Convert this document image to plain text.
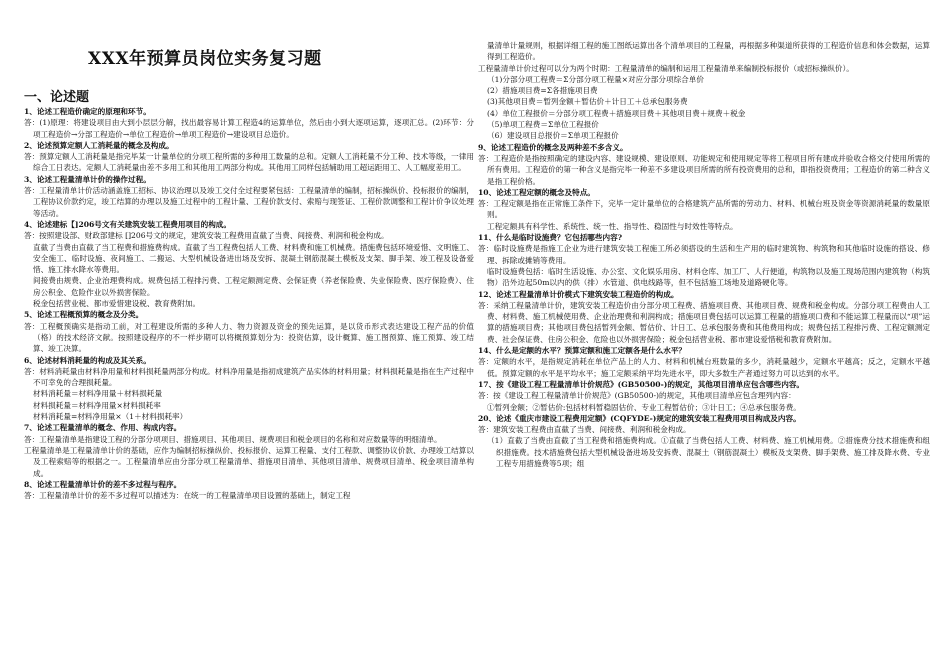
XXX年预算员岗位实务复习题
一、论述题

1、论述工程造价确定的原理和环节。

答：(1)原理：将建设项目由大到小层层分解，找出最容易计算工程造4的运算单位，然后由小到大逐项运算，逐项汇总。(2)环节：分项工程造价→分部工程造价→单位工程造价→单项工程造价→建设项目总造价。

2、论述预算定额人工消耗量的概念及构成。

答：预算定额人工消耗量是指完毕某一计量单位的分项工程所需的多种用工数量的总和。定额人工消耗量不分工种、技术等级，一律用综合工日表达。定额人工消耗量由差不多用工和其他用工两部分构成。其他用工同样包括辅助用工超运距用工、人工幅度差用工。

3、论述工程量清单计价的操作过程。

答：工程量清单计价活动涵盖施工招标、协议治理以及竣工交付全过程要紧包括：工程量清单的编制，招标操纵价、投标报价的编制，工程协议价款约定，竣工结算的办理以及施工过程中的工程计量、工程价款支付、索赔与现签证、工程价款调整和工程计价争议处理等活动。

4、论述建标【]206号文有关建筑安装工程费用项目的构成。

答：按照建设部、财政部建标 []206号文的规定，建筑安装工程费用直截了当费、间接费、利润和税金构成。

直截了当费由直截了当工程费和措施费构成。直截了当工程费包括人工费、材料费和施工机械费。措施费包括环境爱惜、文明施工、安全施工、临时设施、夜间施工、二搬运、大型机械设备进出场及安拆、混凝土钢筋混凝土模板及支架、脚手架、竣工程及设备爱惜、施工排水降水等费用。

间接费由规费、企业治理费构成。规费包括工程排污费、工程定额测定费、会保证费（养老保险费、失业保险费、医疗保险费）、住房公积金、危险作业以外损害保险。

税金包括营业税、都市爱惜建设税、教育费附加。

5、论述工程概预算的概念及分类。

答：工程概预确实是指动工前，对工程建设所需的多种人力、物力资源及资金的预先运算，是以货币形式表达建设工程产品的价值（格）的技术经济文献。按照建设程序的不一样步期可以将概预算划分为：投资估算，设计概算、施工图预算、施工预算、竣工结算、竣工决算。

6、论述材料消耗量的构成及其关系。

答：材料消耗量由材料净用量和材料损耗量两部分构成。材料净用量是指初成建筑产品实体的材料用量；材料损耗量是指在生产过程中不可幸免的合理损耗量。

材料消耗量＝材料净用量＋材料损耗量

材料损耗量＝材料净用量×材料损耗率

材料消耗量=材料净用量×（1＋材料损耗率）

7、论述工程量清单的概念、作用、构成内容。

答：工程量清单是指建设工程的分部分项项目、措施项目、其他项目、规费项目和税金项目的名称和对应数量等的明细清单。

工程量清单是工程量清单计价的基础，应作为编制招标操纵价、投标报价、运算工程量、支付工程款、调整协议价款、办理竣工结算以及工程索赔等的根据之一。工程量清单应由分部分项工程量清单、措施项目清单、其他项目清单、规费项目清单、税金项目清单构成。

8、论述工程量清单计价的差不多过程与程序。

答：工程量清单计价的差不多过程可以描述为：在统一的工程量清单项目设置的基础上，制定工程

量清单计量规则，根据详细工程的施工图纸运算出各个清单项目的工程量，再根据多种渠道所获得的工程造价信息和体会数据，运算得到工程造价。

工程量清单计价过程可以分为两个时期：工程量清单的编制和运用工程量清单来编制投标报价（或招标操纵价）。

（1)分部分项工程费＝Σ分部分项工程量×对应分部分项综合单价

(2）措施项目费=Σ各措施项目费

(3)其他项目费＝暂列金额＋暂估价＋计日工＋总承包服务费

(4）单位工程报价＝分部分项工程费＋措施项目费＋其他项目费＋规费＋税金

（5)单项工程费＝Σ单位工程报价

（6）建设项目总报价＝Σ单项工程报价

9、论述工程造价的概念及两种差不多含义。

答：工程造价是指按照确定的建设内容、建设规模、建设原则、功能规定和使用规定等将工程项目所有建成并验收合格交付使用所需的所有费用。工程造价的第一种含义是指完毕一种差不多建设项目所需的所有投资费用的总和，即指投资费用；工程造价的第二种含义是指工程价格。

10、论述工程定额的概念及特点。

答：工程定额是指在正常施工条件下，完毕一定计量单位的合格建筑产品所需的劳动力、材料、机械台班及资金等资源消耗量的数量原则。

工程定额具有科学性、系统性、统一性、指导性、稳固性与时效性等特点。

11、什么是临时设施费？它包括哪些内容?

答：临时设施费是指施工企业为进行建筑安装工程施工所必须搭设的生活和生产用的临时建筑物、构筑物和其他临时设施的搭设、修理、拆除或摊销等费用。

临时设施费包括：临时生活设施、办公室、文化娱乐用房、材料仓库、加工厂、人行便道，构筑物以及施工现场范围内建筑物（构筑物）沿外边起50m以内的供（排）水管道、供电线路等，但不包括施工场地及道路硬化等。

12、论述工程量清单计价模式下建筑安装工程造价的构成。

答：采纳工程量清单计价，建筑安装工程造价由分部分项工程费、措施项目费、其他项目费、规费和税金构成。分部分项工程费由人工费、材料费、施工机械使用费、企业治理费和利润构成；措施项目费包括可以运算工程量的措施项口费和不能运算工程量而以“项”运算的措施项目费；其他项目费包括暂列金额、暂估价、计日工、总承包服务费和其他费用构成；规费包括工程排污费、工程定额测定费、社会保证费、住房公积金、危险也以外损害保险；税金包括营业税、都市建设爱惜税和教育费附加。

14、什么是定额的水平？预算定额和施工定额各是什么水平？

答：定额的水平，是指规定消耗在单位产品上的人力、材料和机械台班数量的多少，消耗量越少，定额水平越高；反之，定额水平越低。预算定额的水平是平均水平；施工定额采纳平均先进水平，即大多数生产者通过努力可以达到的水平。

17、按《建设工程工程量清单计价规范》(GB50500-)的规定，其他项目清单应包含哪些内容。

答：按《建设工程工程量清单计价规范》(GB50500-)的规定，其他项目清单应包含理列内容：

①暂列金额；②暂估价:包括材料暂稳固估价、专业工程暂估价；③计日工；④总承包服务费。

20、论述《重庆市建设工程费用定额》(CQFYDE-)规定的建筑安装工程费用项目构成及内容。

答：建筑安装工程费由直截了当费、间接费、利润和税金构成。

（1）直截了当费由直截了当工程费和措施费构成。①直截了当费包括人工费、材料费、施工机械用费。②措施费分技术措施费和组织措施费。技术措施费包括大型机械设备进场及安拆费、混凝土（钢筋混凝土）模板及支架费、脚手架费、施工排及降水费、专业工程专用措施费等5项；组
